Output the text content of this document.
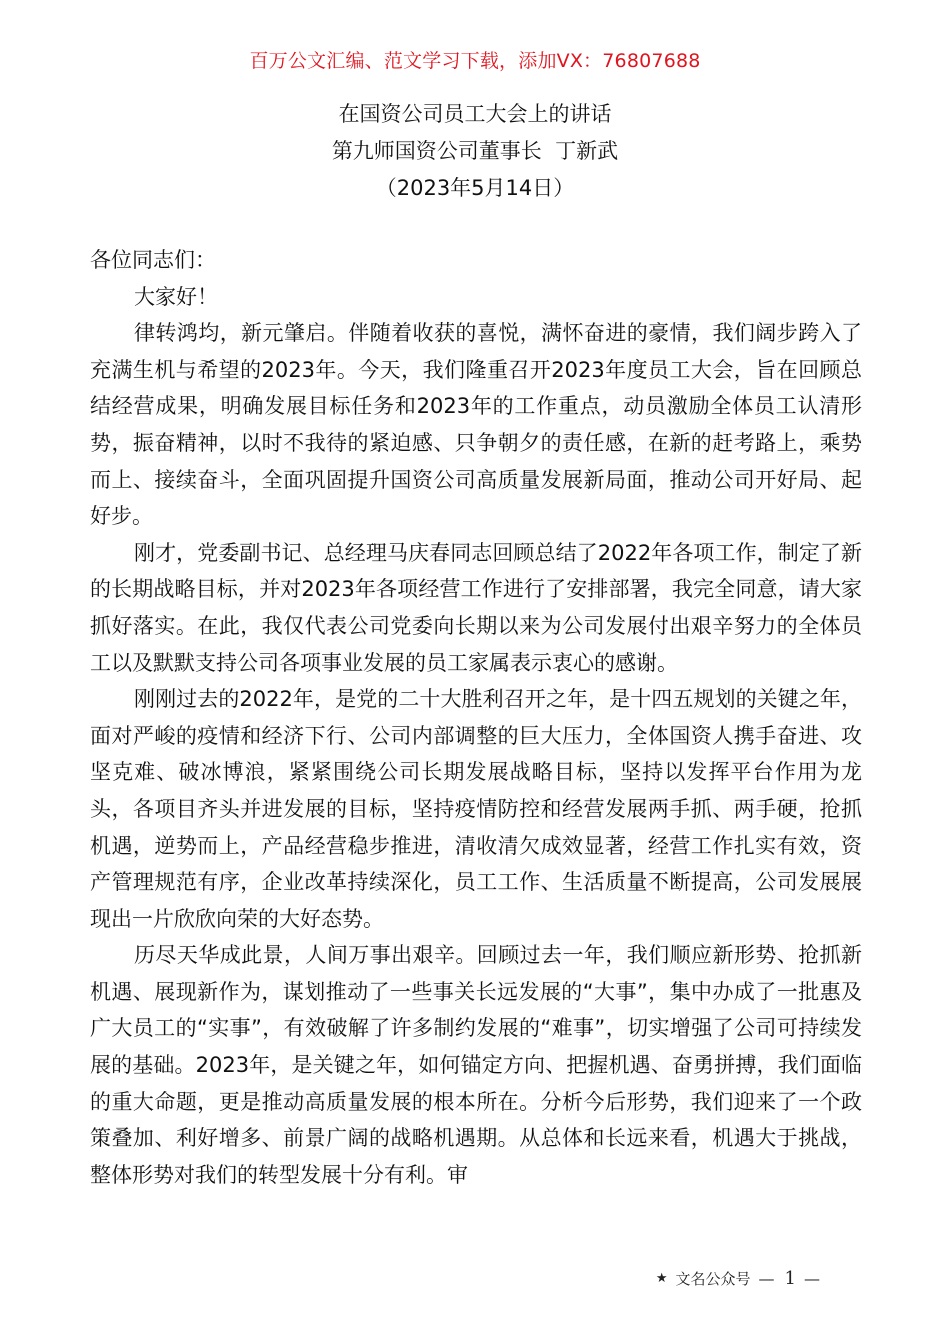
百万公文汇编、范文学习下载，添加VX：76807688
在国资公司员工大会上的讲话
第九师国资公司董事长  丁新武
（2023年5月14日）

各位同志们：

大家好！

律转鸿均，新元肇启。伴随着收获的喜悦，满怀奋进的豪情，我们阔步跨入了充满生机与希望的2023年。今天，我们隆重召开2023年度员工大会，旨在回顾总结经营成果，明确发展目标任务和2023年的工作重点，动员激励全体员工认清形势，振奋精神，以时不我待的紧迫感、只争朝夕的责任感，在新的赶考路上，乘势而上、接续奋斗，全面巩固提升国资公司高质量发展新局面，推动公司开好局、起好步。

刚才，党委副书记、总经理马庆春同志回顾总结了2022年各项工作，制定了新的长期战略目标，并对2023年各项经营工作进行了安排部署，我完全同意，请大家抓好落实。在此，我仅代表公司党委向长期以来为公司发展付出艰辛努力的全体员工以及默默支持公司各项事业发展的员工家属表示衷心的感谢。

刚刚过去的2022年，是党的二十大胜利召开之年，是十四五规划的关键之年，面对严峻的疫情和经济下行、公司内部调整的巨大压力，全体国资人携手奋进、攻坚克难、破冰博浪，紧紧围绕公司长期发展战略目标，坚持以发挥平台作用为龙头，各项目齐头并进发展的目标，坚持疫情防控和经营发展两手抓、两手硬，抢抓机遇，逆势而上，产品经营稳步推进，清收清欠成效显著，经营工作扎实有效，资产管理规范有序，企业改革持续深化，员工工作、生活质量不断提高，公司发展展现出一片欣欣向荣的大好态势。

历尽天华成此景，人间万事出艰辛。回顾过去一年，我们顺应新形势、抢抓新机遇、展现新作为，谋划推动了一些事关长远发展的“大事”，集中办成了一批惠及广大员工的“实事”，有效破解了许多制约发展的“难事”，切实增强了公司可持续发展的基础。2023年，是关键之年，如何锚定方向、把握机遇、奋勇拼搏，我们面临的重大命题，更是推动高质量发展的根本所在。分析今后形势，我们迎来了一个政策叠加、利好增多、前景广阔的战略机遇期。从总体和长远来看，机遇大于挑战，整体形势对我们的转型发展十分有利。审

★ 文名公众号 — 1 —
